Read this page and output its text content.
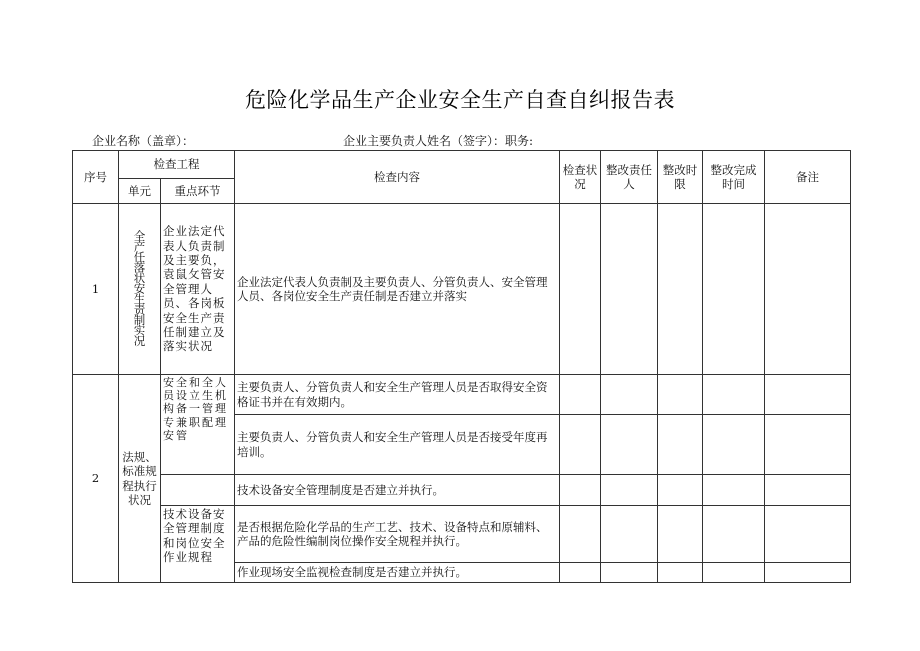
危险化学品生产企业安全生产自查自纠报告表
企业名称（盖章）：	企业主要负责人姓名（签字）：职务:
序号	检查工程		检查内容	检查状况	整改责任人	整改时限	整改完成时间	备注
	单元	重点环节						
1	全产任落状安生责制实况	企业法定代表人负责制及主要负，袁鼠攵管安全管理人员、各岗板安全生产责任制建立及落实状况	企业法定代表人负责制及主要负责人、分管负责人、安全管理人员、各岗位安全生产责任制是否建立并落实					
2	法规、标准规程执行状况	安全和全人员设立生机构备一管理专兼职配理安管	主要负责人、分管负责人和安全生产管理人员是否取得安全资格证书并在有效期内。					
			主要负责人、分管负责人和安全生产管理人员是否接受年度再培训。					
			技术设备安全管理制度是否建立并执行。					
		技术设备安全管理制度和岗位安全作业规程	是否根据危险化学品的生产工艺、技术、设备特点和原辅料、产品的危险性编制岗位操作安全规程并执行。					
			作业现场安全监视检查制度是否建立并执行。					
